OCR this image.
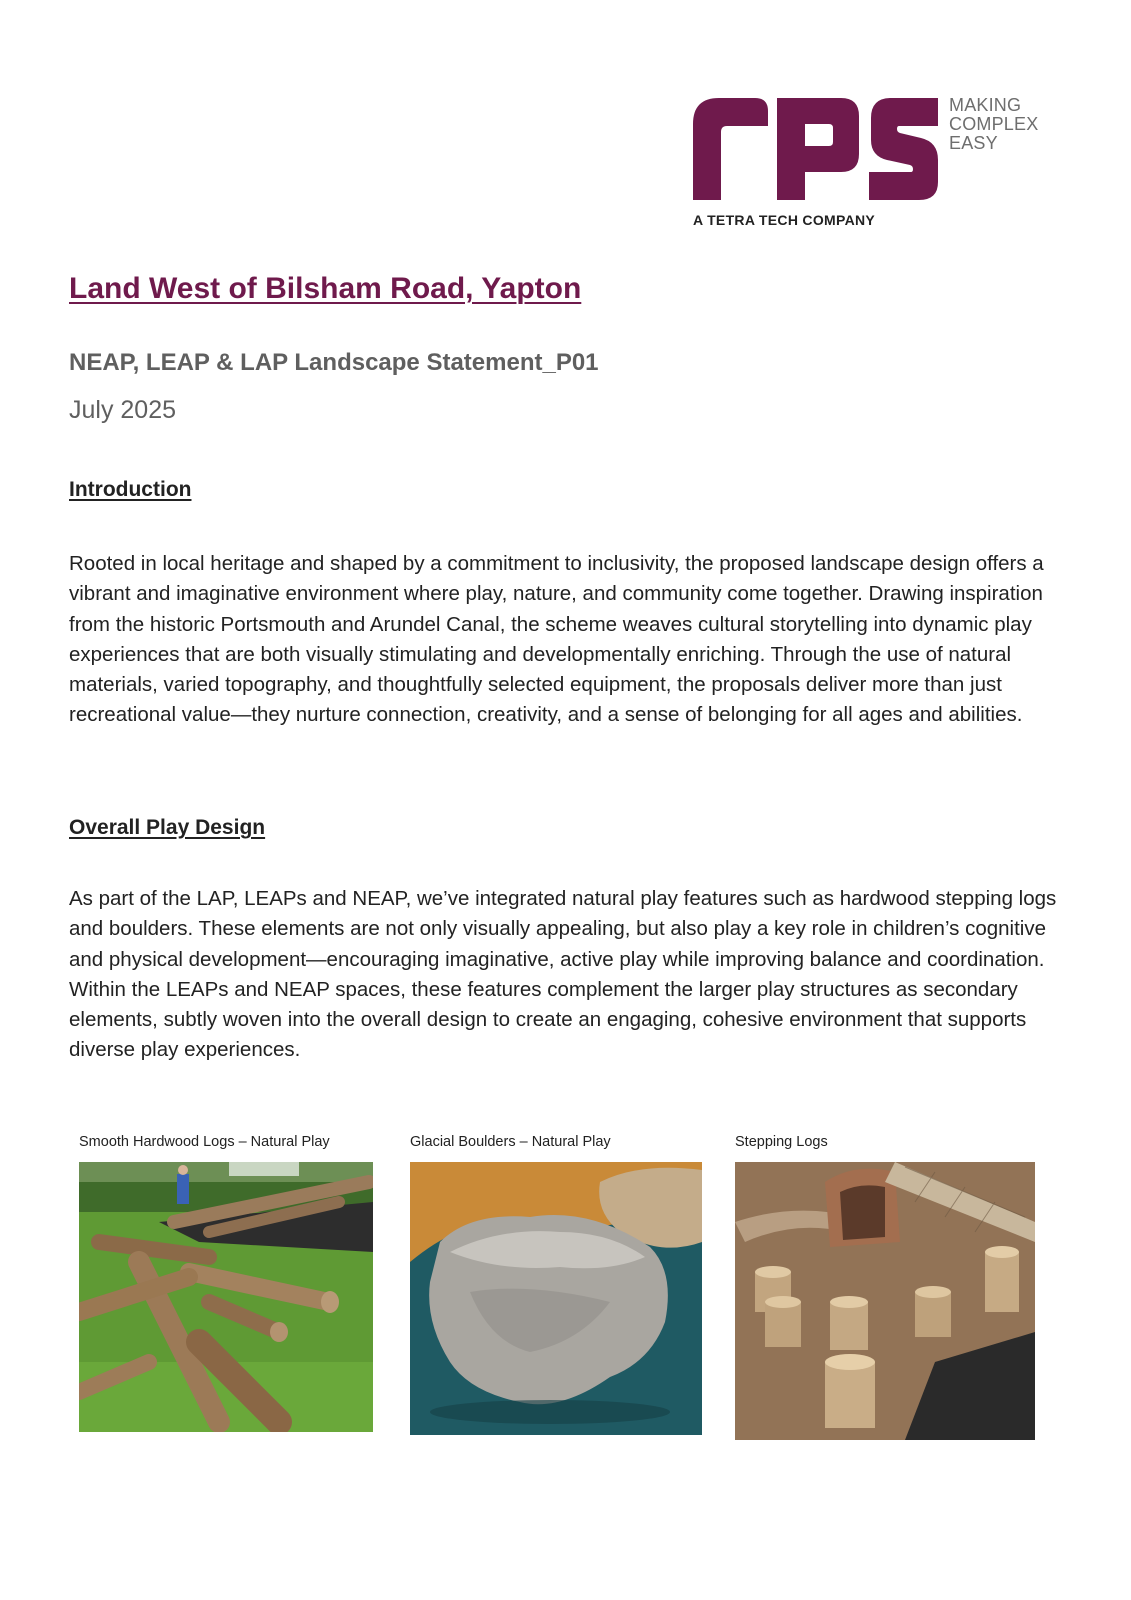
MAKING
COMPLEX
EASY
A TETRA TECH COMPANY
Land West of Bilsham Road, Yapton
NEAP, LEAP & LAP Landscape Statement_P01

July 2025

Introduction

Rooted in local heritage and shaped by a commitment to inclusivity, the proposed landscape design offers a vibrant and imaginative environment where play, nature, and community come together. Drawing inspiration from the historic Portsmouth and Arundel Canal, the scheme weaves cultural storytelling into dynamic play experiences that are both visually stimulating and developmentally enriching. Through the use of natural materials, varied topography, and thoughtfully selected equipment, the proposals deliver more than just recreational value—they nurture connection, creativity, and a sense of belonging for all ages and abilities.

Overall Play Design

As part of the LAP, LEAPs and NEAP, we’ve integrated natural play features such as hardwood stepping logs and boulders. These elements are not only visually appealing, but also play a key role in children’s cognitive and physical development—encouraging imaginative, active play while improving balance and coordination. Within the LEAPs and NEAP spaces, these features complement the larger play structures as secondary elements, subtly woven into the overall design to create an engaging, cohesive environment that supports diverse play experiences.

Smooth Hardwood Logs – Natural Play	Glacial Boulders – Natural Play	Stepping Logs
